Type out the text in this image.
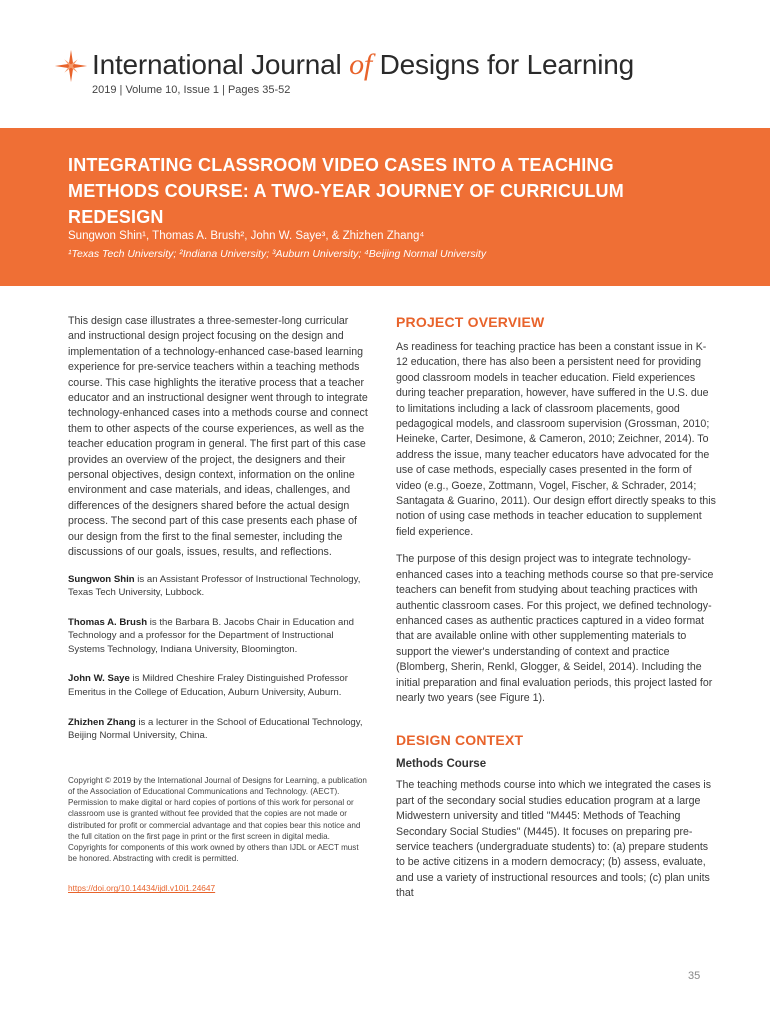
International Journal of Designs for Learning
2019 | Volume 10, Issue 1 | Pages 35-52
INTEGRATING CLASSROOM VIDEO CASES INTO A TEACHING METHODS COURSE: A TWO-YEAR JOURNEY OF CURRICULUM REDESIGN
Sungwon Shin¹, Thomas A. Brush², John W. Saye³, & Zhizhen Zhang⁴
¹Texas Tech University; ²Indiana University; ³Auburn University; ⁴Beijing Normal University

This design case illustrates a three-semester-long curricular and instructional design project focusing on the design and implementation of a technology-enhanced case-based learning experience for pre-service teachers within a teaching methods course. This case highlights the iterative process that a teacher educator and an instructional designer went through to integrate technology-enhanced cases into a methods course and connect them to other aspects of the course experiences, as well as the teacher education program in general. The first part of this case provides an overview of the project, the designers and their personal objectives, design context, information on the online environment and case materials, and ideas, challenges, and differences of the designers shared before the actual design process. The second part of this case presents each phase of our design from the first to the final semester, including the discussions of our goals, issues, results, and reflections.

Sungwon Shin is an Assistant Professor of Instructional Technology, Texas Tech University, Lubbock.

Thomas A. Brush is the Barbara B. Jacobs Chair in Education and Technology and a professor for the Department of Instructional Systems Technology, Indiana University, Bloomington.

John W. Saye is Mildred Cheshire Fraley Distinguished Professor Emeritus in the College of Education, Auburn University, Auburn.

Zhizhen Zhang is a lecturer in the School of Educational Technology, Beijing Normal University, China.

Copyright © 2019 by the International Journal of Designs for Learning, a publication of the Association of Educational Communications and Technology. (AECT). Permission to make digital or hard copies of portions of this work for personal or classroom use is granted without fee provided that the copies are not made or distributed for profit or commercial advantage and that copies bear this notice and the full citation on the first page in print or the first screen in digital media. Copyrights for components of this work owned by others than IJDL or AECT must be honored. Abstracting with credit is permitted.

https://doi.org/10.14434/ijdl.v10i1.24647
PROJECT OVERVIEW

As readiness for teaching practice has been a constant issue in K-12 education, there has also been a persistent need for providing good classroom models in teacher education. Field experiences during teacher preparation, however, have suffered in the U.S. due to limitations including a lack of classroom placements, good pedagogical models, and classroom supervision (Grossman, 2010; Heineke, Carter, Desimone, & Cameron, 2010; Zeichner, 2014). To address the issue, many teacher educators have advocated for the use of case methods, especially cases presented in the form of video (e.g., Goeze, Zottmann, Vogel, Fischer, & Schrader, 2014; Santagata & Guarino, 2011). Our design effort directly speaks to this notion of using case methods in teacher education to supplement field experience.

The purpose of this design project was to integrate technology-enhanced cases into a teaching methods course so that pre-service teachers can benefit from studying about teaching practices with authentic classroom cases. For this project, we defined technology-enhanced cases as authentic practices captured in a video format that are available online with other supplementing materials to support the viewer's understanding of context and practice (Blomberg, Sherin, Renkl, Glogger, & Seidel, 2014). Including the initial preparation and final evaluation periods, this project lasted for nearly two years (see Figure 1).

DESIGN CONTEXT
Methods Course

The teaching methods course into which we integrated the cases is part of the secondary social studies education program at a large Midwestern university and titled "M445: Methods of Teaching Secondary Social Studies" (M445). It focuses on preparing pre-service teachers (undergraduate students) to: (a) prepare students to be active citizens in a modern democracy; (b) assess, evaluate, and use a variety of instructional resources and tools; (c) plan units that

35
